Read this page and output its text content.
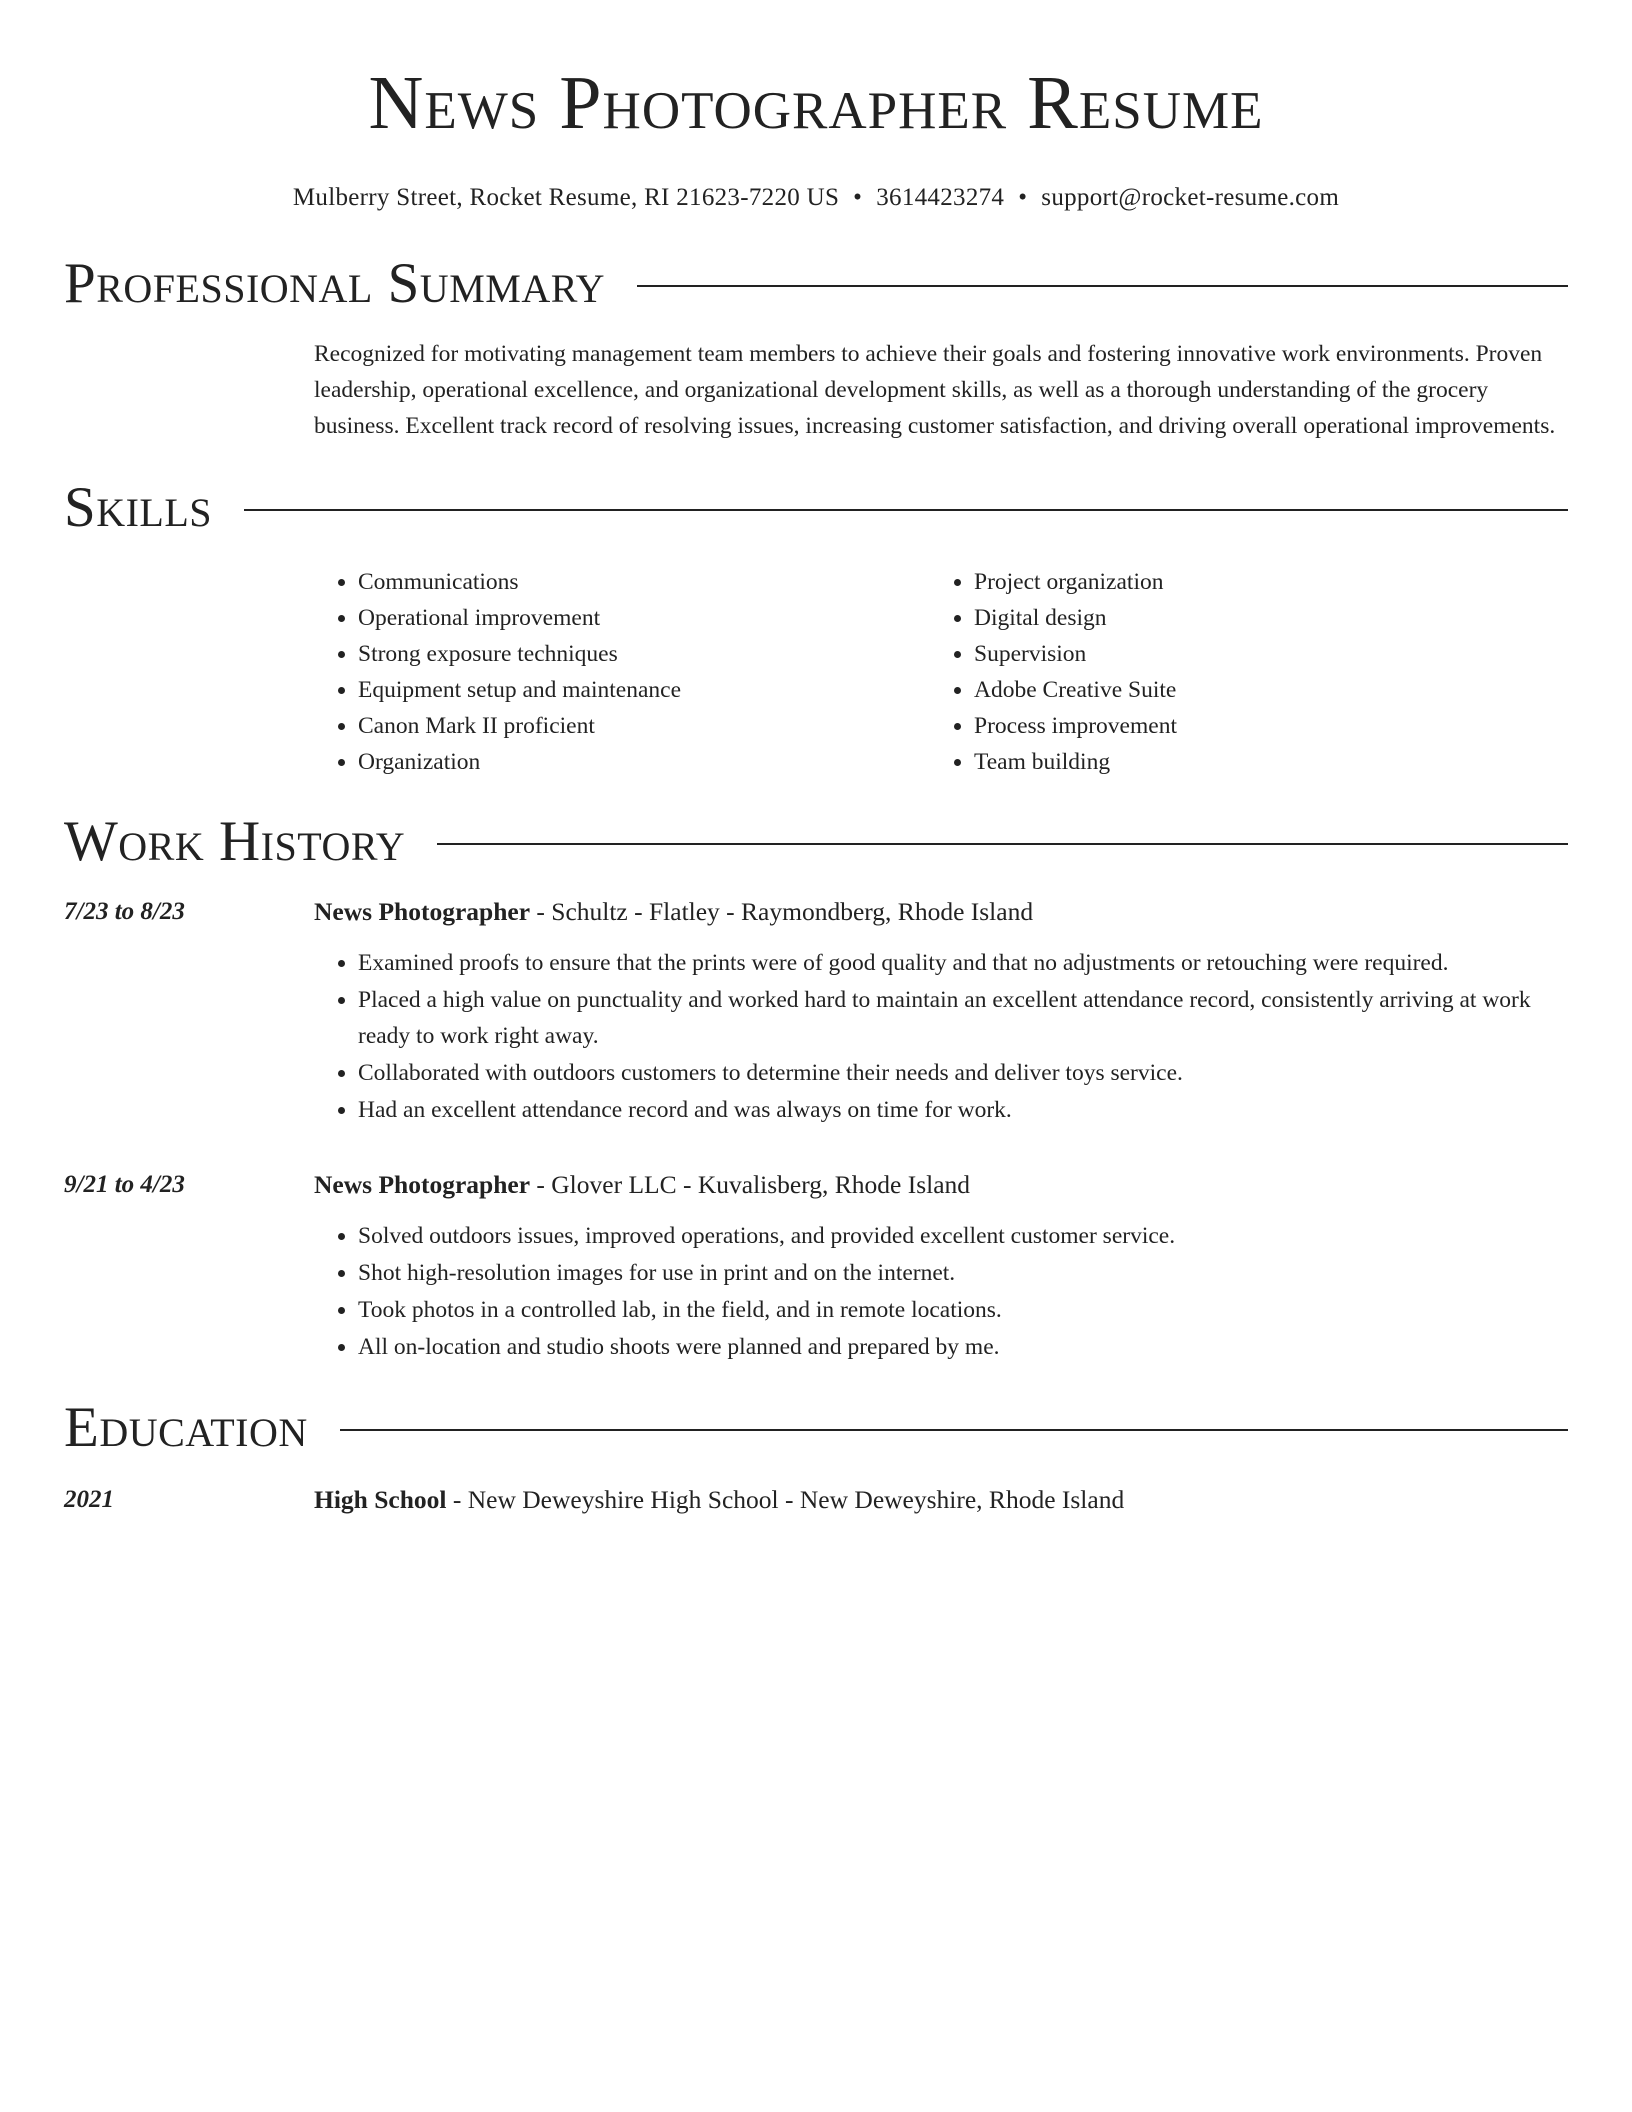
News Photographer Resume
Mulberry Street, Rocket Resume, RI 21623-7220 US • 3614423274 • support@rocket-resume.com
Professional Summary

Recognized for motivating management team members to achieve their goals and fostering innovative work environments. Proven leadership, operational excellence, and organizational development skills, as well as a thorough understanding of the grocery business. Excellent track record of resolving issues, increasing customer satisfaction, and driving overall operational improvements.

Skills
• Communications
• Operational improvement
• Strong exposure techniques
• Equipment setup and maintenance
• Canon Mark II proficient
• Organization
• Project organization
• Digital design
• Supervision
• Adobe Creative Suite
• Process improvement
• Team building
Work History
7/23 to 8/23	News Photographer - Schultz - Flatley - Raymondberg, Rhode Island
• Examined proofs to ensure that the prints were of good quality and that no adjustments or retouching were required.
• Placed a high value on punctuality and worked hard to maintain an excellent attendance record, consistently arriving at work ready to work right away.
• Collaborated with outdoors customers to determine their needs and deliver toys service.
• Had an excellent attendance record and was always on time for work.
9/21 to 4/23	News Photographer - Glover LLC - Kuvalisberg, Rhode Island
• Solved outdoors issues, improved operations, and provided excellent customer service.
• Shot high-resolution images for use in print and on the internet.
• Took photos in a controlled lab, in the field, and in remote locations.
• All on-location and studio shoots were planned and prepared by me.
Education
2021	High School - New Deweyshire High School - New Deweyshire, Rhode Island
